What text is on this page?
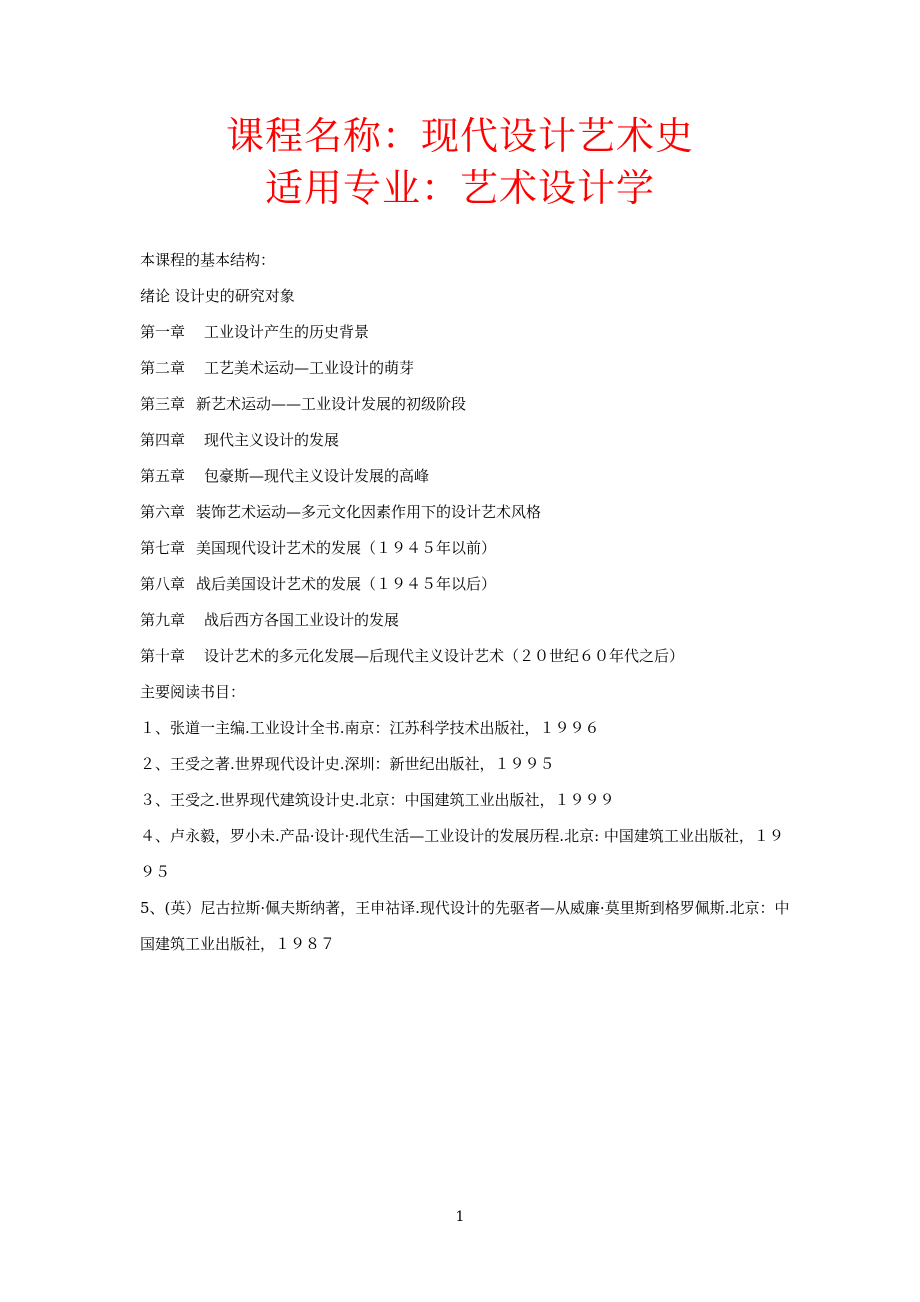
课程名称：现代设计艺术史
适用专业：艺术设计学
本课程的基本结构：
绪论 设计史的研究对象
第一章 工业设计产生的历史背景
第二章 工艺美术运动—工业设计的萌芽
第三章 新艺术运动——工业设计发展的初级阶段
第四章 现代主义设计的发展
第五章 包豪斯—现代主义设计发展的高峰
第六章 装饰艺术运动—多元文化因素作用下的设计艺术风格
第七章 美国现代设计艺术的发展（１９４５年以前）
第八章 战后美国设计艺术的发展（１９４５年以后）
第九章 战后西方各国工业设计的发展
第十章 设计艺术的多元化发展—后现代主义设计艺术（２０世纪６０年代之后）
主要阅读书目：
１、张道一主编.工业设计全书.南京：江苏科学技术出版社，１９９６
２、王受之著.世界现代设计史.深圳：新世纪出版社，１９９５
３、王受之.世界现代建筑设计史.北京：中国建筑工业出版社，１９９９
４、卢永毅，罗小未.产品·设计·现代生活—工业设计的发展历程.北京: 中国建筑工业出版社，１９９５
5、(英）尼古拉斯·佩夫斯纳著，王申祜译.现代设计的先驱者—从威廉·莫里斯到格罗佩斯.北京：中国建筑工业出版社，１９８７
1
